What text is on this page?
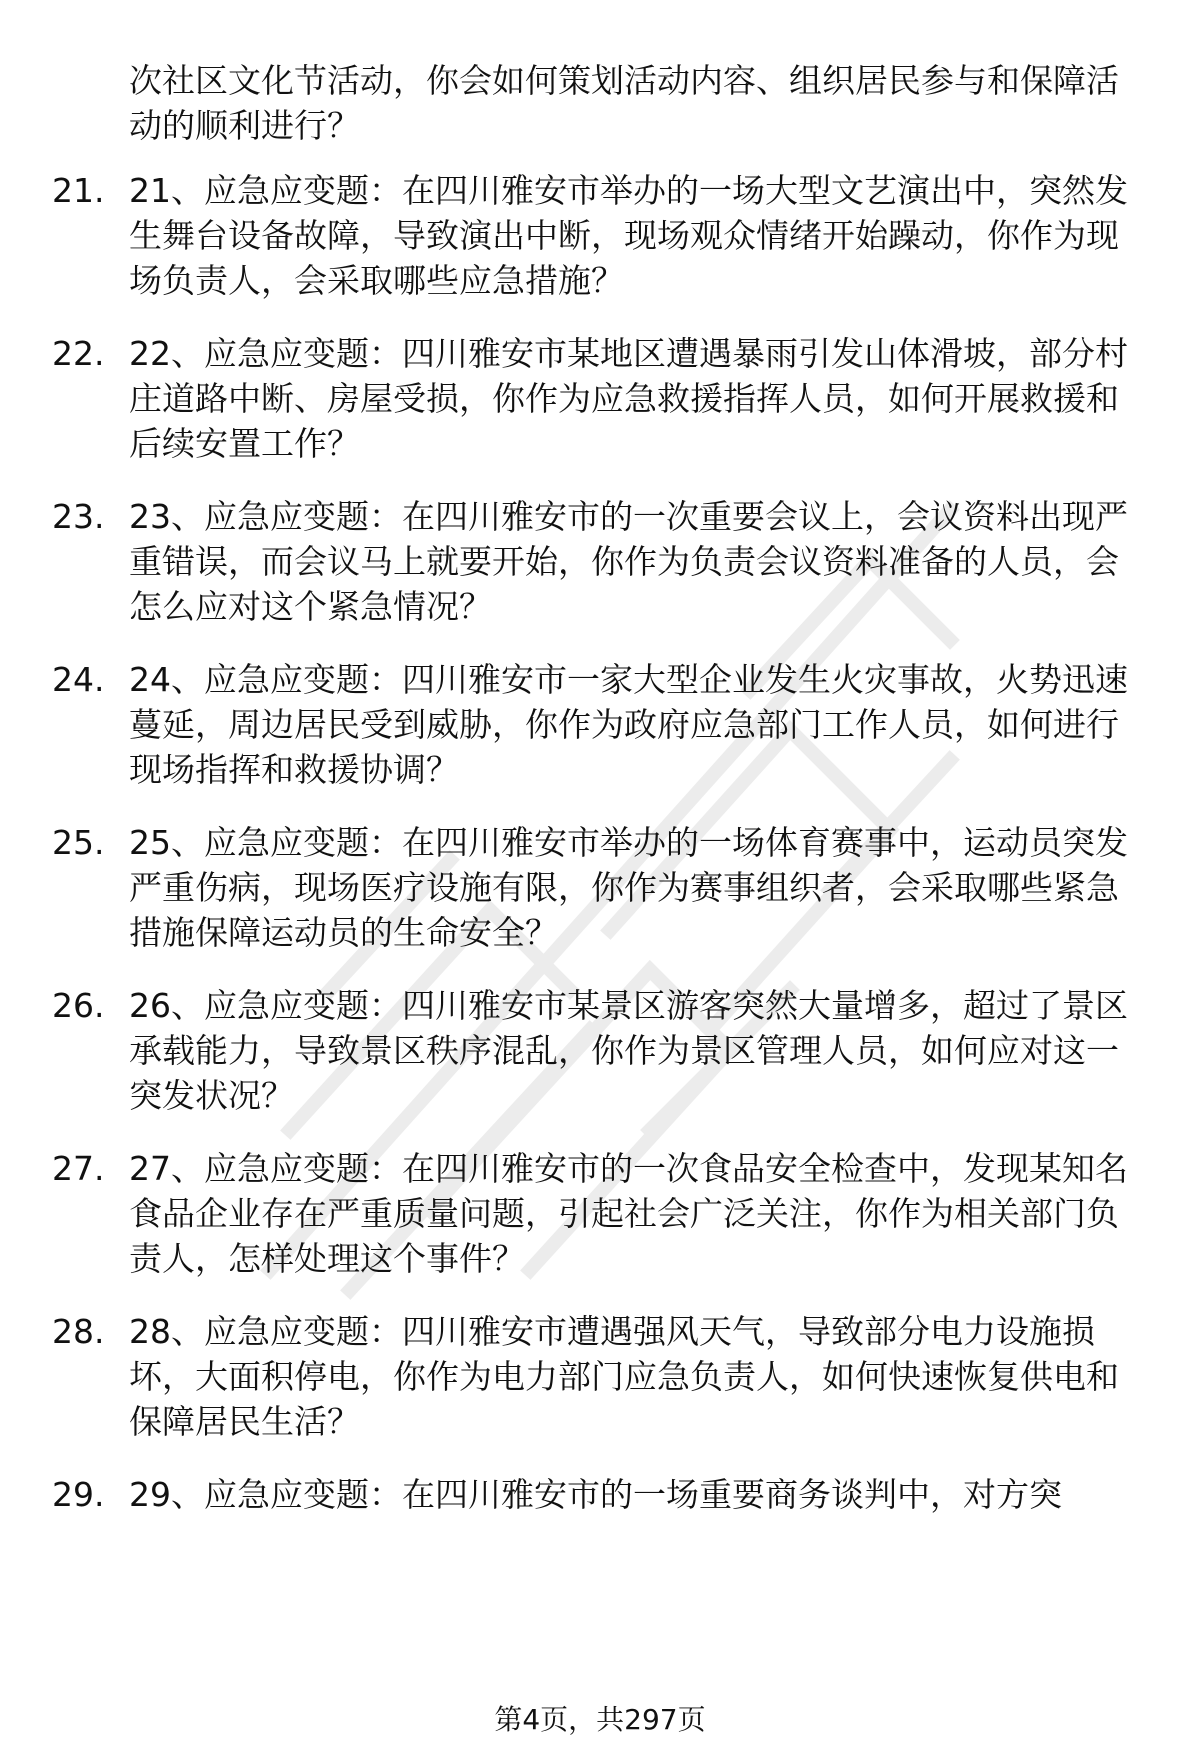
次社区文化节活动，你会如何策划活动内容、组织居民参与和保障活动的顺利进行？
21. 21、应急应变题：在四川雅安市举办的一场大型文艺演出中，突然发生舞台设备故障，导致演出中断，现场观众情绪开始躁动，你作为现场负责人，会采取哪些应急措施？
22. 22、应急应变题：四川雅安市某地区遭遇暴雨引发山体滑坡，部分村庄道路中断、房屋受损，你作为应急救援指挥人员，如何开展救援和后续安置工作？
23. 23、应急应变题：在四川雅安市的一次重要会议上，会议资料出现严重错误，而会议马上就要开始，你作为负责会议资料准备的人员，会怎么应对这个紧急情况？
24. 24、应急应变题：四川雅安市一家大型企业发生火灾事故，火势迅速蔓延，周边居民受到威胁，你作为政府应急部门工作人员，如何进行现场指挥和救援协调？
25. 25、应急应变题：在四川雅安市举办的一场体育赛事中，运动员突发严重伤病，现场医疗设施有限，你作为赛事组织者，会采取哪些紧急措施保障运动员的生命安全？
26. 26、应急应变题：四川雅安市某景区游客突然大量增多，超过了景区承载能力，导致景区秩序混乱，你作为景区管理人员，如何应对这一突发状况？
27. 27、应急应变题：在四川雅安市的一次食品安全检查中，发现某知名食品企业存在严重质量问题，引起社会广泛关注，你作为相关部门负责人，怎样处理这个事件？
28. 28、应急应变题：四川雅安市遭遇强风天气，导致部分电力设施损坏，大面积停电，你作为电力部门应急负责人，如何快速恢复供电和保障居民生活？
29. 29、应急应变题：在四川雅安市的一场重要商务谈判中，对方突
第4页，共297页
